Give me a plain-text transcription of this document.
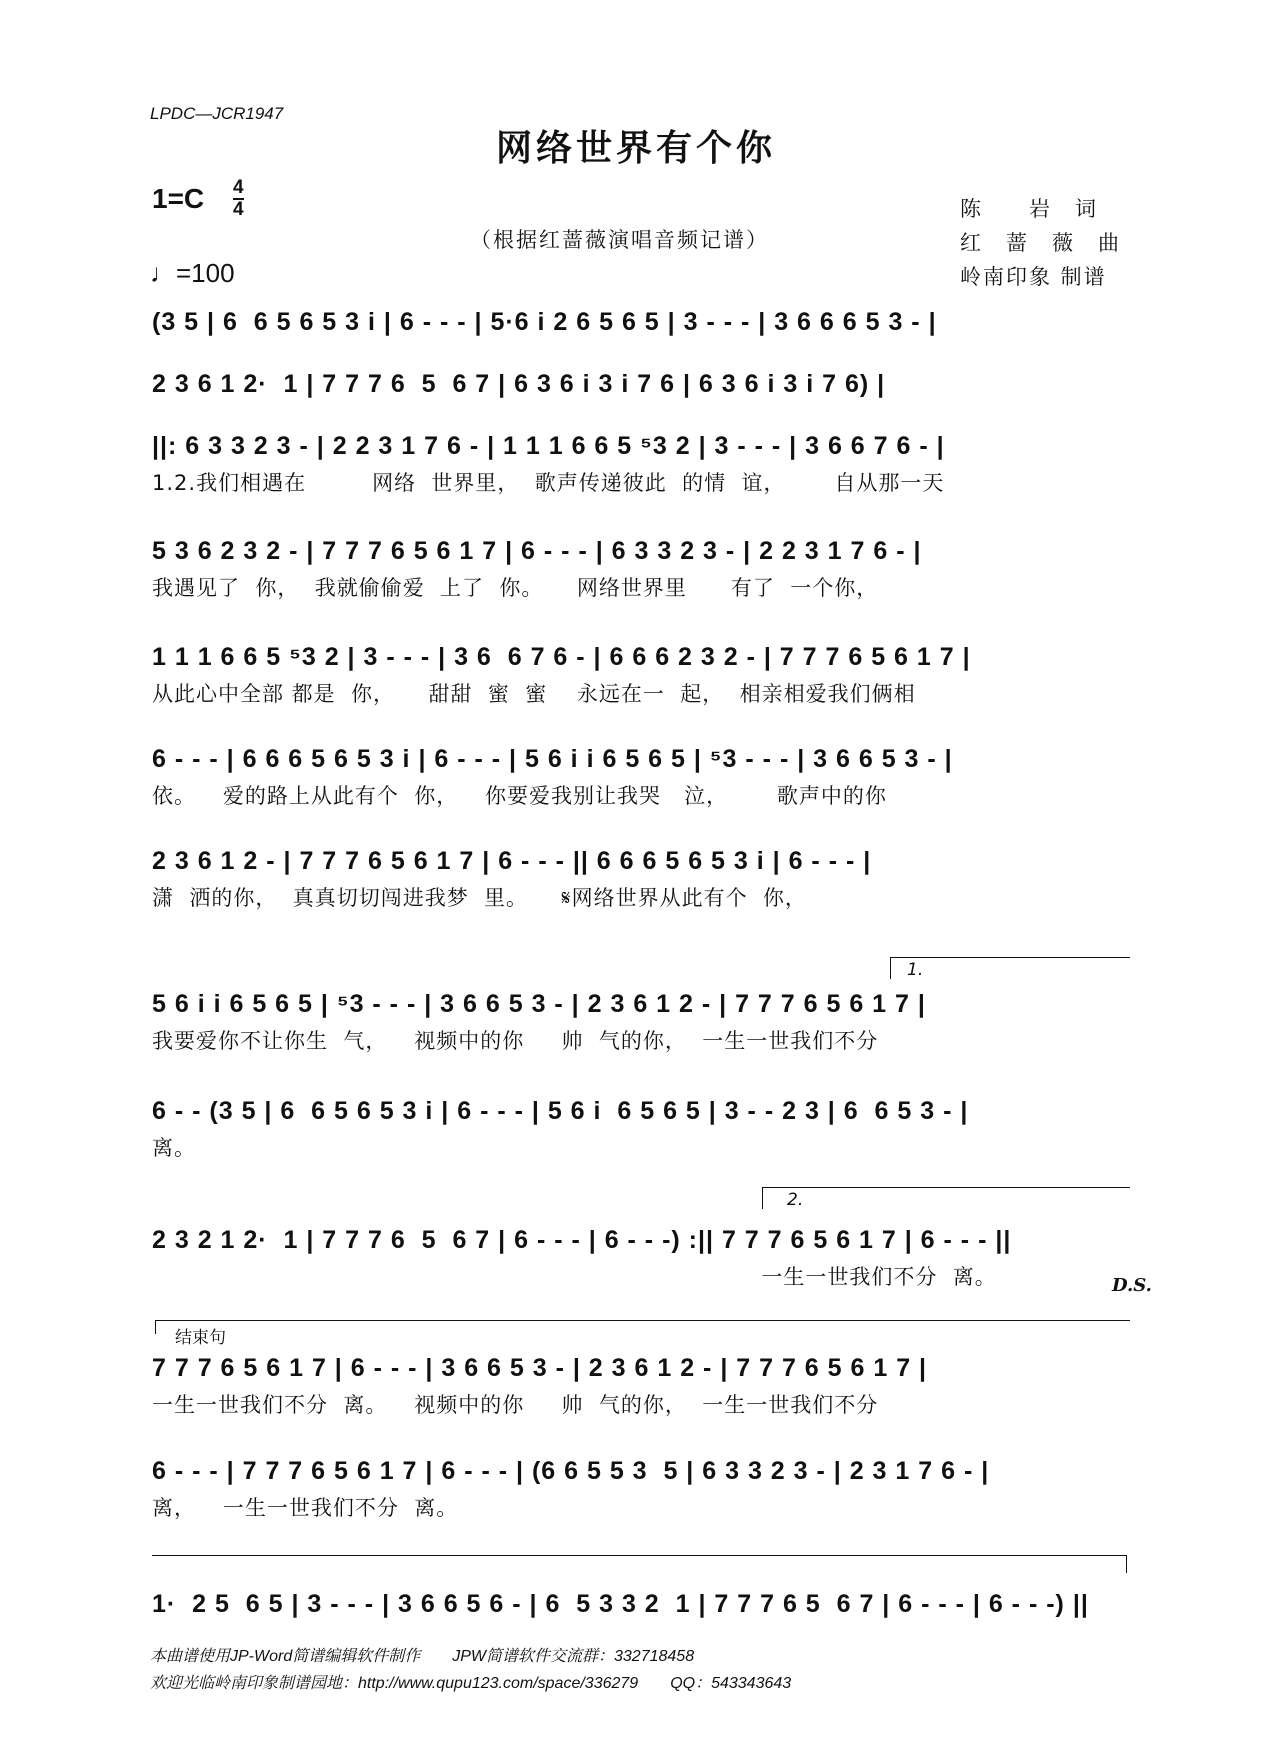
LPDC—JCR1947
网络世界有个你
$1=C \frac{4}{4}$
♩=100
（根据红蔷薇演唱音频记谱）
陈　　岩　词
红　蔷　薇　曲
岭南印象 制谱
(3 5 | 6  6 5 6 5 3 i | 6 - - - | 5·6 i 2 6 5 6 5 | 3 - - - | 3 6 6 6 5 3 - |
2 3 6 1 2·  1 | 7 7 7 6  5  6 7 | 6 3 6 i 3 i 7 6 | 6 3 6 i 3 i 7 6) |
||: 6 3 3 2 3 - | 2 2 3 1 7 6 - | 1 1 1 6 6 5 ⁵3 2 | 3 - - - | 3 6 6 7 6 - |
1.2.我们相遇在　　　网络  世界里，  歌声传递彼此  的情  谊，　　  自从那一天
5 3 6 2 3 2 - | 7 7 7 6 5 6 1 7 | 6 - - - | 6 3 3 2 3 - | 2 2 3 1 7 6 - |
我遇见了  你，  我就偷偷爱  上了  你。　　网络世界里　　有了  一个你，
1 1 1 6 6 5 ⁵3 2 | 3 - - - | 3 6  6 7 6 - | 6 6 6 2 3 2 - | 7 7 7 6 5 6 1 7 |
从此心中全部 都是  你，　　甜甜  蜜  蜜　 永远在一  起，  相亲相爱我们俩相
6 - - - | 6 6 6 5 6 5 3 i | 6 - - - | 5 6 i i 6 5 6 5 | ⁵3 - - - | 3 6 6 5 3 - |
依。　  爱的路上从此有个  你，　  你要爱我别让我哭   泣，　　  歌声中的你
2 3 6 1 2 - | 7 7 7 6 5 6 1 7 | 6 - - - || 6 6 6 5 6 5 3 i | 6 - - - |
潇  洒的你，  真真切切闯进我梦  里。　　𝄋网络世界从此有个  你，
1.
5 6 i i 6 5 6 5 | ⁵3 - - - | 3 6 6 5 3 - | 2 3 6 1 2 - | 7 7 7 6 5 6 1 7 |
我要爱你不让你生  气，　  视频中的你　  帅  气的你，  一生一世我们不分
6 - - (3 5 | 6  6 5 6 5 3 i | 6 - - - | 5 6 i  6 5 6 5 | 3 - - 2 3 | 6  6 5 3 - |
离。
2.
2 3 2 1 2·  1 | 7 7 7 6  5  6 7 | 6 - - - | 6 - - -) :|| 7 7 7 6 5 6 1 7 | 6 - - - ||
　　　　　　　　　　　　　　　　　　　　　　　　　　　  一生一世我们不分  离。	D.S.
结束句
7 7 7 6 5 6 1 7 | 6 - - - | 3 6 6 5 3 - | 2 3 6 1 2 - | 7 7 7 6 5 6 1 7 |
一生一世我们不分  离。　  视频中的你　  帅  气的你，  一生一世我们不分
6 - - - | 7 7 7 6 5 6 1 7 | 6 - - - | (6 6 5 5 3  5 | 6 3 3 2 3 - | 2 3 1 7 6 - |
离，　  一生一世我们不分  离。
1·  2 5  6 5 | 3 - - - | 3 6 6 5 6 - | 6  5 3 3 2  1 | 7 7 7 6 5  6 7 | 6 - - - | 6 - - -) ||
本曲谱使用JP-Word简谱编辑软件制作　　JPW简谱软件交流群：332718458
欢迎光临岭南印象制谱园地：http://www.qupu123.com/space/336279　　QQ：543343643
